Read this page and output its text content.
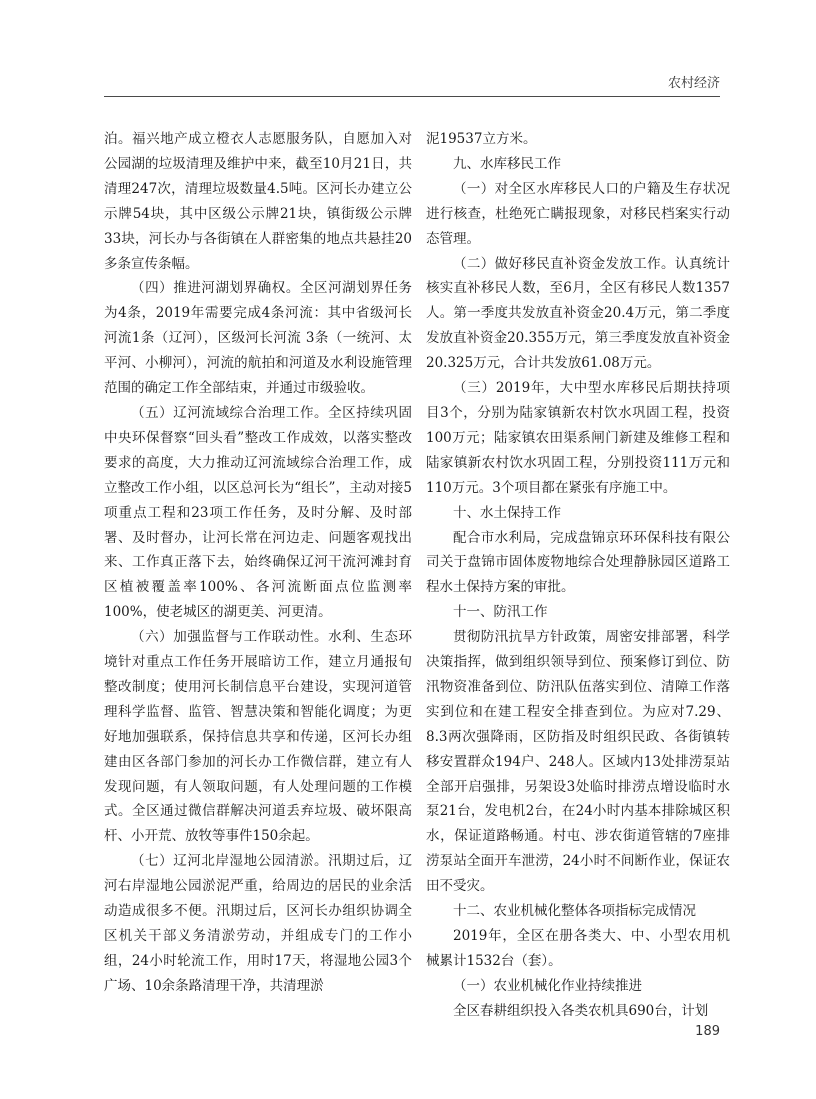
农村经济

泊。福兴地产成立橙衣人志愿服务队，自愿加入对公园湖的垃圾清理及维护中来，截至10月21日，共清理247次，清理垃圾数量4.5吨。区河长办建立公示牌54块，其中区级公示牌21块，镇街级公示牌33块，河长办与各街镇在人群密集的地点共悬挂20多条宣传条幅。

（四）推进河湖划界确权。全区河湖划界任务为4条，2019年需要完成4条河流：其中省级河长河流1条（辽河），区级河长河流 3条（一统河、太平河、小柳河），河流的航拍和河道及水利设施管理范围的确定工作全部结束，并通过市级验收。

（五）辽河流域综合治理工作。全区持续巩固中央环保督察“回头看”整改工作成效，以落实整改要求的高度，大力推动辽河流域综合治理工作，成立整改工作小组，以区总河长为“组长”，主动对接5项重点工程和23项工作任务，及时分解、及时部署、及时督办，让河长常在河边走、问题客观找出来、工作真正落下去，始终确保辽河干流河滩封育区植被覆盖率100%、各河流断面点位监测率100%，使老城区的湖更美、河更清。

（六）加强监督与工作联动性。水利、生态环境针对重点工作任务开展暗访工作，建立月通报旬整改制度；使用河长制信息平台建设，实现河道管理科学监督、监管、智慧决策和智能化调度；为更好地加强联系，保持信息共享和传递，区河长办组建由区各部门参加的河长办工作微信群，建立有人发现问题，有人领取问题，有人处理问题的工作模式。全区通过微信群解决河道丢弃垃圾、破坏限高杆、小开荒、放牧等事件150余起。

（七）辽河北岸湿地公园清淤。汛期过后，辽河右岸湿地公园淤泥严重，给周边的居民的业余活动造成很多不便。汛期过后，区河长办组织协调全区机关干部义务清淤劳动，并组成专门的工作小组，24小时轮流工作，用时17天，将湿地公园3个广场、10余条路清理干净，共清理淤

泥19537立方米。

九、水库移民工作

（一）对全区水库移民人口的户籍及生存状况进行核查，杜绝死亡瞒报现象，对移民档案实行动态管理。

（二）做好移民直补资金发放工作。认真统计核实直补移民人数，至6月，全区有移民人数1357人。第一季度共发放直补资金20.4万元，第二季度发放直补资金20.355万元，第三季度发放直补资金20.325万元，合计共发放61.08万元。

（三）2019年，大中型水库移民后期扶持项目3个，分别为陆家镇新农村饮水巩固工程，投资100万元；陆家镇农田渠系闸门新建及维修工程和陆家镇新农村饮水巩固工程，分别投资111万元和110万元。3个项目都在紧张有序施工中。

十、水土保持工作

配合市水利局，完成盘锦京环环保科技有限公司关于盘锦市固体废物地综合处理静脉园区道路工程水土保持方案的审批。

十一、防汛工作

贯彻防汛抗旱方针政策，周密安排部署，科学决策指挥，做到组织领导到位、预案修订到位、防汛物资准备到位、防汛队伍落实到位、清障工作落实到位和在建工程安全排查到位。为应对7.29、8.3两次强降雨，区防指及时组织民政、各街镇转移安置群众194户、248人。区域内13处排涝泵站全部开启强排，另架设3处临时排涝点增设临时水泵21台，发电机2台，在24小时内基本排除城区积水，保证道路畅通。村屯、涉农街道管辖的7座排涝泵站全面开车泄涝，24小时不间断作业，保证农田不受灾。

十二、农业机械化整体各项指标完成情况

2019年，全区在册各类大、中、小型农用机械累计1532台（套）。

（一）农业机械化作业持续推进

全区春耕组织投入各类农机具690台，计划

189
